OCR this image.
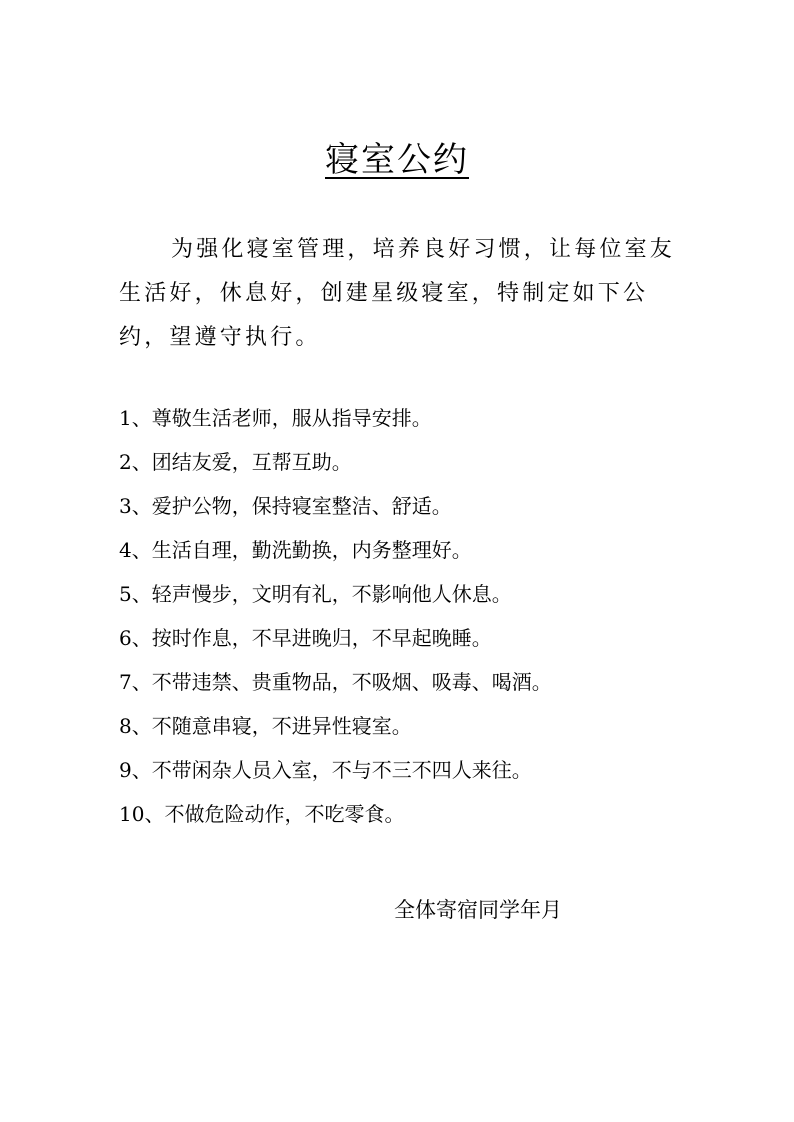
寝室公约

为强化寝室管理，培养良好习惯，让每位室友生活好，休息好，创建星级寝室，特制定如下公约，望遵守执行。

1、尊敬生活老师，服从指导安排。
2、团结友爱，互帮互助。
3、爱护公物，保持寝室整洁、舒适。
4、生活自理，勤洗勤换，内务整理好。
5、轻声慢步，文明有礼，不影响他人休息。
6、按时作息，不早进晚归，不早起晚睡。
7、不带违禁、贵重物品，不吸烟、吸毒、喝酒。
8、不随意串寝，不进异性寝室。
9、不带闲杂人员入室，不与不三不四人来往。
10、不做危险动作，不吃零食。
全体寄宿同学年月
